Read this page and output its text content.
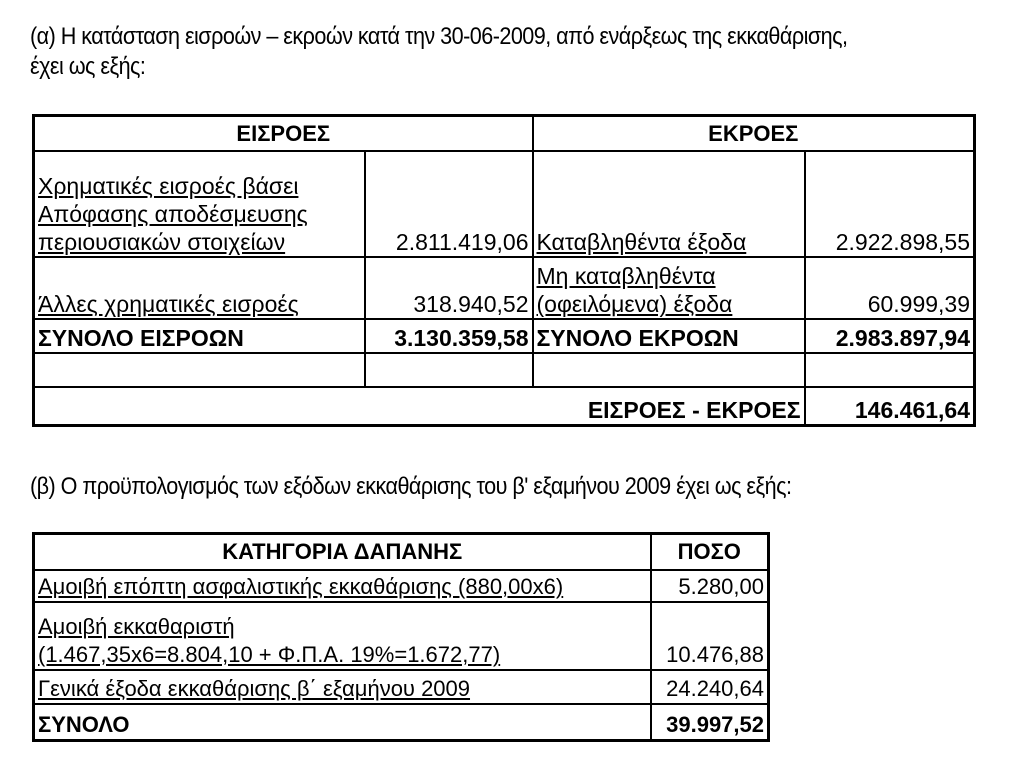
(α) Η κατάσταση εισροών – εκροών κατά την 30-06-2009, από ενάρξεως της εκκαθάρισης,
έχει ως εξής:
ΕΙΣΡΟΕΣ		ΕΚΡΟΕΣ	

Χρηματικές εισροές βάσει
Απόφασης αποδέσμευσης
περιουσιακών στοιχείων	2.811.419,06	Καταβληθέντα έξοδα	2.922.898,55

Άλλες χρηματικές εισροές	318.940,52	Μη καταβληθέντα
(οφειλόμενα) έξοδα	60.999,39
ΣΥΝΟΛΟ ΕΙΣΡΟΩΝ	3.130.359,58	ΣΥΝΟΛΟ ΕΚΡΟΩΝ	2.983.897,94

ΕΙΣΡΟΕΣ - ΕΚΡΟΕΣ			146.461,64
(β) Ο προϋπολογισμός των εξόδων εκκαθάρισης του β' εξαμήνου 2009 έχει ως εξής:
ΚΑΤΗΓΟΡΙΑ ΔΑΠΑΝΗΣ	ΠΟΣΟ

Αμοιβή επόπτη ασφαλιστικής εκκαθάρισης (880,00x6)	5.280,00

Αμοιβή εκκαθαριστή
(1.467,35x6=8.804,10 + Φ.Π.Α. 19%=1.672,77)	10.476,88

Γενικά έξοδα εκκαθάρισης β΄ εξαμήνου 2009	24.240,64
ΣΥΝΟΛΟ	39.997,52
